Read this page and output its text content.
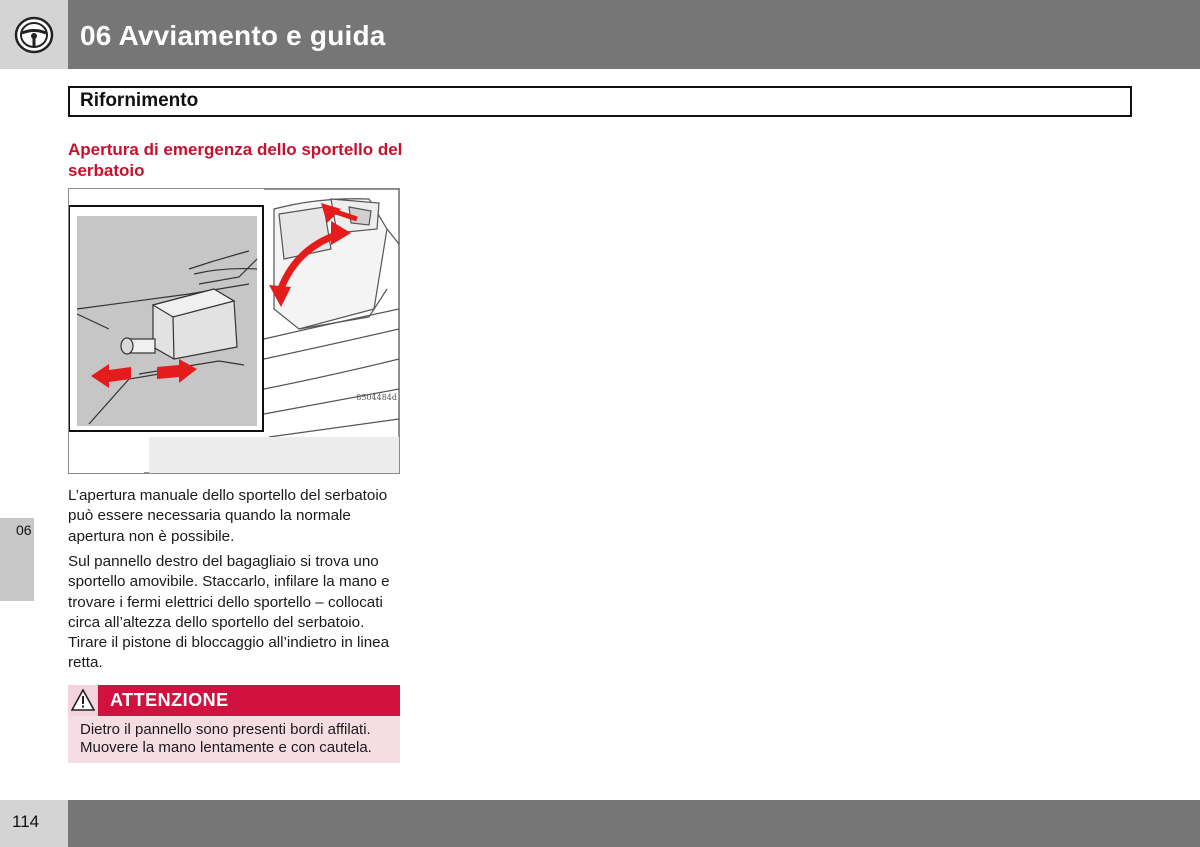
06 Avviamento e guida
Rifornimento
06
Apertura di emergenza dello sportello del serbatoio
8504484d
L’apertura manuale dello sportello del serbatoio può essere necessaria quando la normale apertura non è possibile.
Sul pannello destro del bagagliaio si trova uno sportello amovibile. Staccarlo, infilare la mano e trovare i fermi elettrici dello sportello – collocati circa all’altezza dello sportello del serbatoio. Tirare il pistone di bloccaggio all’indietro in linea retta.
ATTENZIONE
Dietro il pannello sono presenti bordi affilati. Muovere la mano lentamente e con cautela.
114
